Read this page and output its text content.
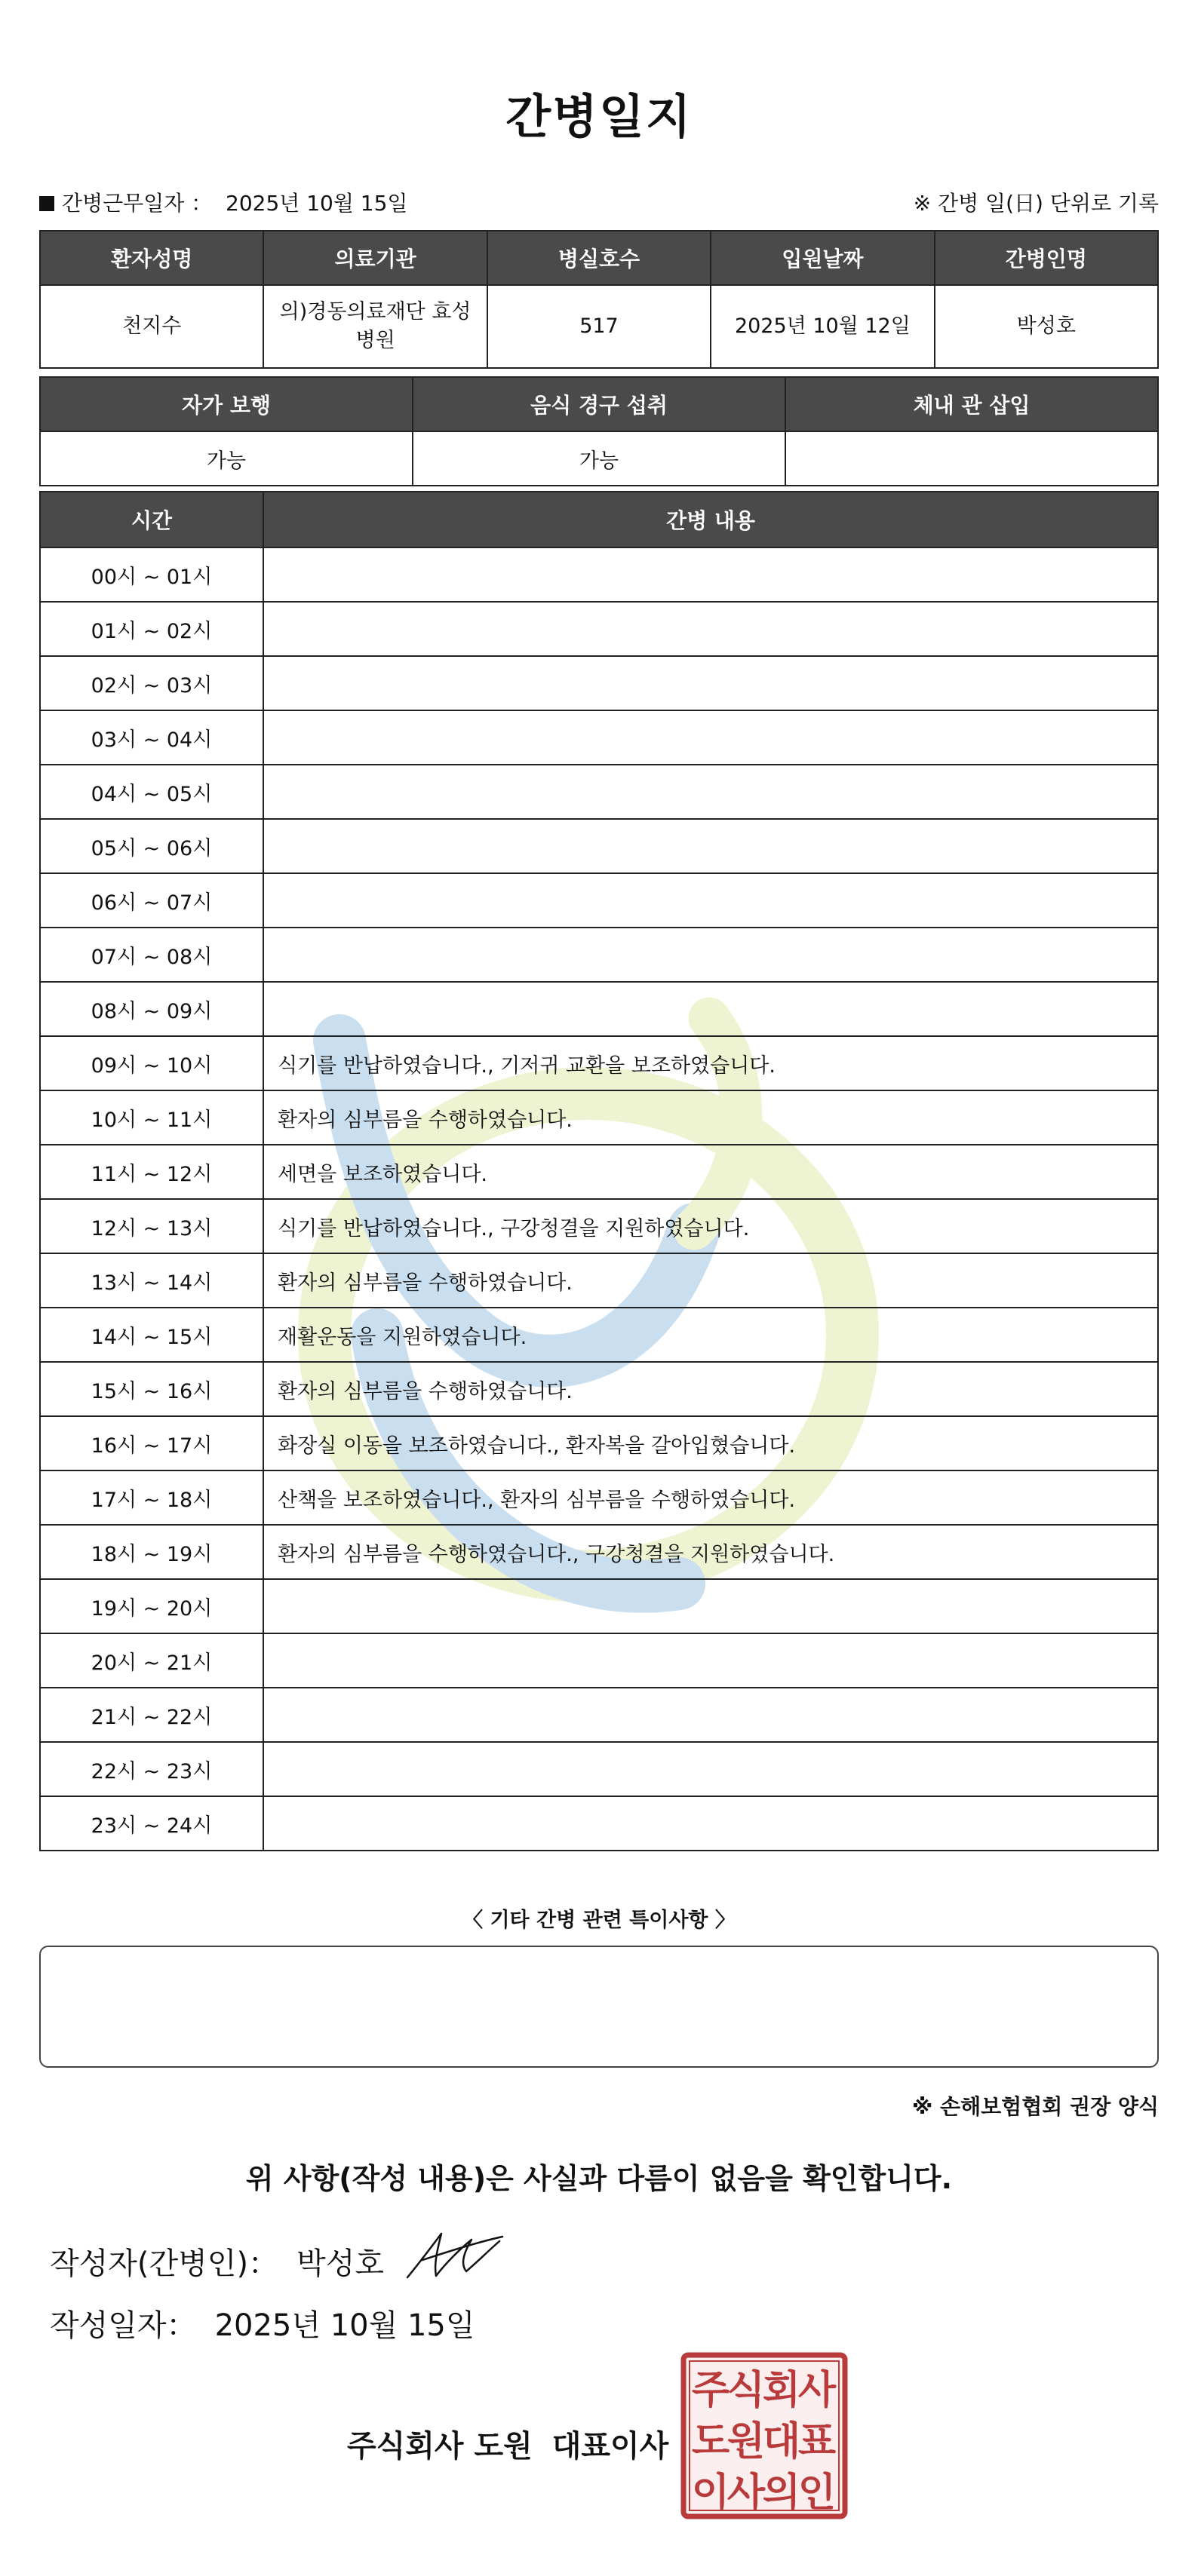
간병일지
간병근무일자 ： 2025년 10월 15일	※ 간병 일(日) 단위로 기록
환자성명	의료기관	병실호수	입원날짜	간병인명
천지수	의)경동의료재단 효성병원	517	2025년 10월 12일	박성호
자가 보행	음식 경구 섭취	체내 관 삽입
가능	가능	
시간	간병 내용
00시 ~ 01시	
01시 ~ 02시	
02시 ~ 03시	
03시 ~ 04시	
04시 ~ 05시	
05시 ~ 06시	
06시 ~ 07시	
07시 ~ 08시	
08시 ~ 09시	
09시 ~ 10시	식기를 반납하였습니다., 기저귀 교환을 보조하였습니다.
10시 ~ 11시	환자의 심부름을 수행하였습니다.
11시 ~ 12시	세면을 보조하였습니다.
12시 ~ 13시	식기를 반납하였습니다., 구강청결을 지원하였습니다.
13시 ~ 14시	환자의 심부름을 수행하였습니다.
14시 ~ 15시	재활운동을 지원하였습니다.
15시 ~ 16시	환자의 심부름을 수행하였습니다.
16시 ~ 17시	화장실 이동을 보조하였습니다., 환자복을 갈아입혔습니다.
17시 ~ 18시	산책을 보조하였습니다., 환자의 심부름을 수행하였습니다.
18시 ~ 19시	환자의 심부름을 수행하였습니다., 구강청결을 지원하였습니다.
19시 ~ 20시	
20시 ~ 21시	
21시 ~ 22시	
22시 ~ 23시	
23시 ~ 24시	
〈 기타 간병 관련 특이사항 〉
※ 손해보험협회 권장 양식
위 사항(작성 내용)은 사실과 다름이 없음을 확인합니다.
작성자(간병인)： 박성호
작성일자： 2025년 10월 15일
주식회사 도원 대표이사
주
식
회
사
도
원
대
표
이
사
의
인
